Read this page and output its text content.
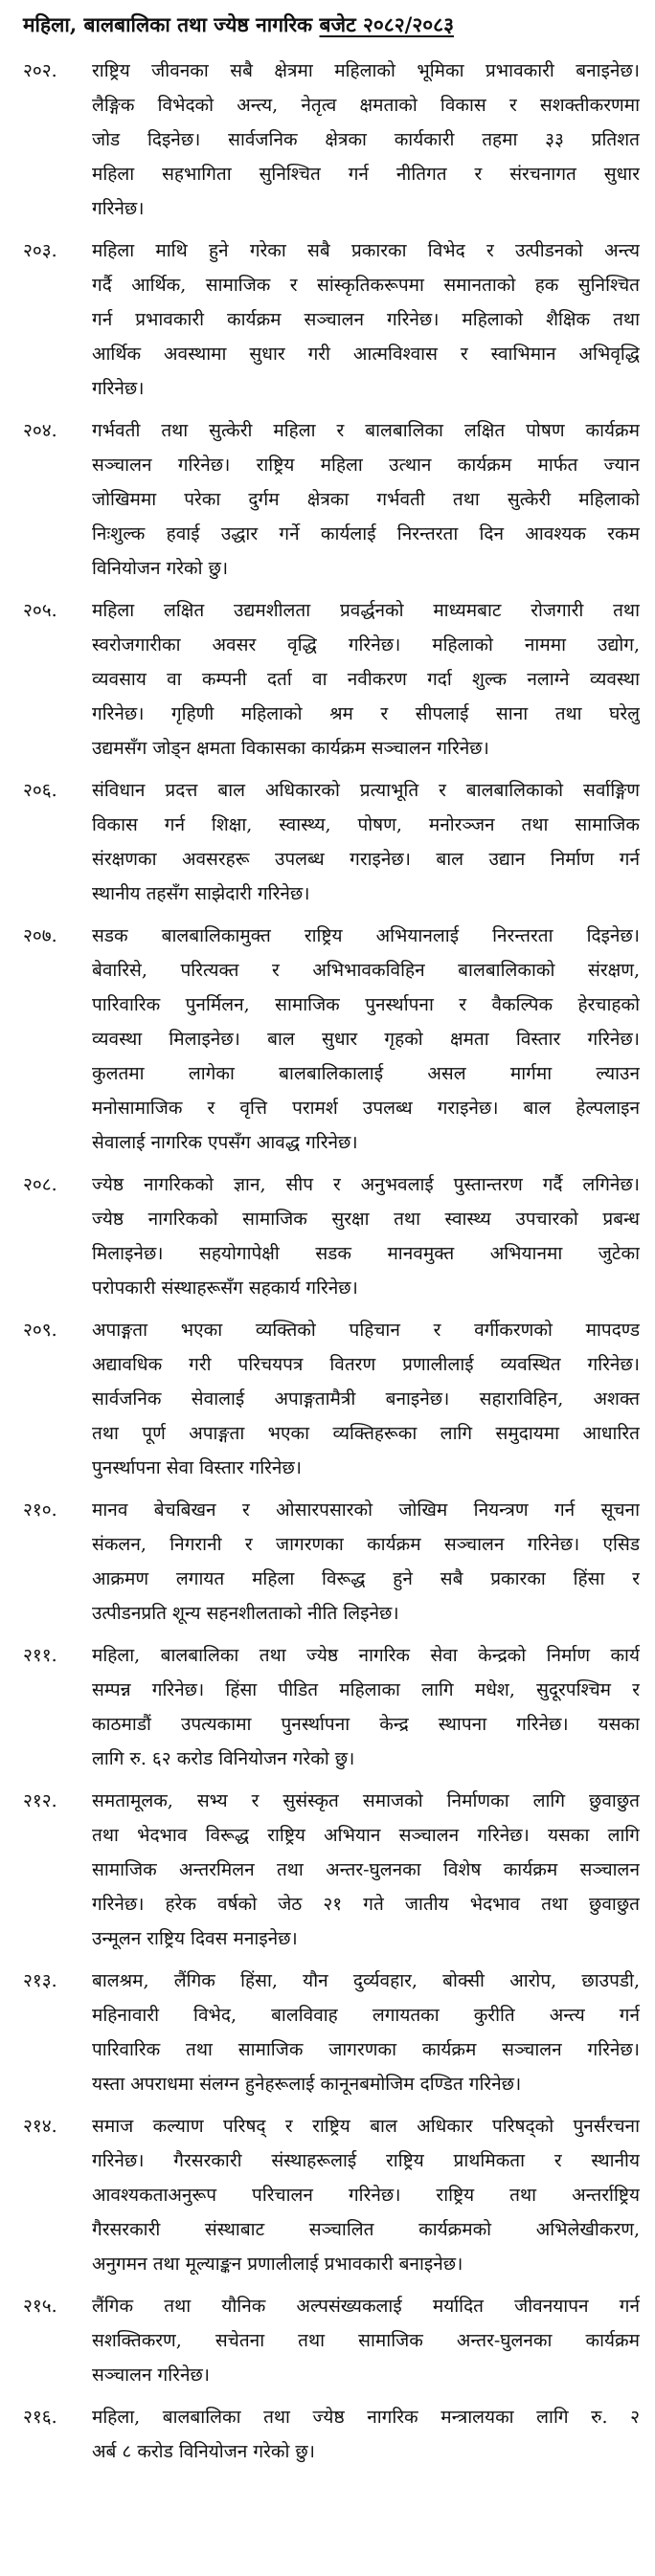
महिला, बालबालिका तथा ज्येष्ठ नागरिक बजेट २०८२/२०८३
२०२.	राष्ट्रिय जीवनका सबै क्षेत्रमा महिलाको भूमिका प्रभावकारी बनाइनेछ।
लैङ्गिक विभेदको अन्त्य, नेतृत्व क्षमताको विकास र सशक्तीकरणमा
जोड दिइनेछ। सार्वजनिक क्षेत्रका कार्यकारी तहमा ३३ प्रतिशत
महिला सहभागिता सुनिश्चित गर्न नीतिगत र संरचनागत सुधार
गरिनेछ।
२०३.	महिला माथि हुने गरेका सबै प्रकारका विभेद र उत्पीडनको अन्त्य
गर्दै आर्थिक, सामाजिक र सांस्कृतिकरूपमा समानताको हक सुनिश्चित
गर्न प्रभावकारी कार्यक्रम सञ्चालन गरिनेछ। महिलाको शैक्षिक तथा
आर्थिक अवस्थामा सुधार गरी आत्मविश्वास र स्वाभिमान अभिवृद्धि
गरिनेछ।
२०४.	गर्भवती तथा सुत्केरी महिला र बालबालिका लक्षित पोषण कार्यक्रम
सञ्चालन गरिनेछ। राष्ट्रिय महिला उत्थान कार्यक्रम मार्फत ज्यान
जोखिममा परेका दुर्गम क्षेत्रका गर्भवती तथा सुत्केरी महिलाको
निःशुल्क हवाई उद्धार गर्ने कार्यलाई निरन्तरता दिन आवश्यक रकम
विनियोजन गरेको छु।
२०५.	महिला लक्षित उद्यमशीलता प्रवर्द्धनको माध्यमबाट रोजगारी तथा
स्वरोजगारीका अवसर वृद्धि गरिनेछ। महिलाको नाममा उद्योग,
व्यवसाय वा कम्पनी दर्ता वा नवीकरण गर्दा शुल्क नलाग्ने व्यवस्था
गरिनेछ। गृहिणी महिलाको श्रम र सीपलाई साना तथा घरेलु
उद्यमसँग जोड्न क्षमता विकासका कार्यक्रम सञ्चालन गरिनेछ।
२०६.	संविधान प्रदत्त बाल अधिकारको प्रत्याभूति र बालबालिकाको सर्वाङ्गिण
विकास गर्न शिक्षा, स्वास्थ्य, पोषण, मनोरञ्जन तथा सामाजिक
संरक्षणका अवसरहरू उपलब्ध गराइनेछ। बाल उद्यान निर्माण गर्न
स्थानीय तहसँग साझेदारी गरिनेछ।
२०७.	सडक बालबालिकामुक्त राष्ट्रिय अभियानलाई निरन्तरता दिइनेछ।
बेवारिसे, परित्यक्त र अभिभावकविहिन बालबालिकाको संरक्षण,
पारिवारिक पुनर्मिलन, सामाजिक पुनर्स्थापना र वैकल्पिक हेरचाहको
व्यवस्था मिलाइनेछ। बाल सुधार गृहको क्षमता विस्तार गरिनेछ।
कुलतमा लागेका बालबालिकालाई असल मार्गमा ल्याउन
मनोसामाजिक र वृत्ति परामर्श उपलब्ध गराइनेछ। बाल हेल्पलाइन
सेवालाई नागरिक एपसँग आवद्ध गरिनेछ।
२०८.	ज्येष्ठ नागरिकको ज्ञान, सीप र अनुभवलाई पुस्तान्तरण गर्दै लगिनेछ।
ज्येष्ठ नागरिकको सामाजिक सुरक्षा तथा स्वास्थ्य उपचारको प्रबन्ध
मिलाइनेछ। सहयोगापेक्षी सडक मानवमुक्त अभियानमा जुटेका
परोपकारी संस्थाहरूसँग सहकार्य गरिनेछ।
२०९.	अपाङ्गता भएका व्यक्तिको पहिचान र वर्गीकरणको मापदण्ड
अद्यावधिक गरी परिचयपत्र वितरण प्रणालीलाई व्यवस्थित गरिनेछ।
सार्वजनिक सेवालाई अपाङ्गतामैत्री बनाइनेछ। सहाराविहिन, अशक्त
तथा पूर्ण अपाङ्गता भएका व्यक्तिहरूका लागि समुदायमा आधारित
पुनर्स्थापना सेवा विस्तार गरिनेछ।
२१०.	मानव बेचबिखन र ओसारपसारको जोखिम नियन्त्रण गर्न सूचना
संकलन, निगरानी र जागरणका कार्यक्रम सञ्चालन गरिनेछ। एसिड
आक्रमण लगायत महिला विरूद्ध हुने सबै प्रकारका हिंसा र
उत्पीडनप्रति शून्य सहनशीलताको नीति लिइनेछ।
२११.	महिला, बालबालिका तथा ज्येष्ठ नागरिक सेवा केन्द्रको निर्माण कार्य
सम्पन्न गरिनेछ। हिंसा पीडित महिलाका लागि मधेश, सुदूरपश्चिम र
काठमाडौं उपत्यकामा पुनर्स्थापना केन्द्र स्थापना गरिनेछ। यसका
लागि रु. ६२ करोड विनियोजन गरेको छु।
२१२.	समतामूलक, सभ्य र सुसंस्कृत समाजको निर्माणका लागि छुवाछुत
तथा भेदभाव विरूद्ध राष्ट्रिय अभियान सञ्चालन गरिनेछ। यसका लागि
सामाजिक अन्तरमिलन तथा अन्तर-घुलनका विशेष कार्यक्रम सञ्चालन
गरिनेछ। हरेक वर्षको जेठ २१ गते जातीय भेदभाव तथा छुवाछुत
उन्मूलन राष्ट्रिय दिवस मनाइनेछ।
२१३.	बालश्रम, लैंगिक हिंसा, यौन दुर्व्यवहार, बोक्सी आरोप, छाउपडी,
महिनावारी विभेद, बालविवाह लगायतका कुरीति अन्त्य गर्न
पारिवारिक तथा सामाजिक जागरणका कार्यक्रम सञ्चालन गरिनेछ।
यस्ता अपराधमा संलग्न हुनेहरूलाई कानूनबमोजिम दण्डित गरिनेछ।
२१४.	समाज कल्याण परिषद् र राष्ट्रिय बाल अधिकार परिषद्को पुनर्संरचना
गरिनेछ। गैरसरकारी संस्थाहरूलाई राष्ट्रिय प्राथमिकता र स्थानीय
आवश्यकताअनुरूप परिचालन गरिनेछ। राष्ट्रिय तथा अन्तर्राष्ट्रिय
गैरसरकारी संस्थाबाट सञ्चालित कार्यक्रमको अभिलेखीकरण,
अनुगमन तथा मूल्याङ्कन प्रणालीलाई प्रभावकारी बनाइनेछ।
२१५.	लैंगिक तथा यौनिक अल्पसंख्यकलाई मर्यादित जीवनयापन गर्न
सशक्तिकरण, सचेतना तथा सामाजिक अन्तर-घुलनका कार्यक्रम
सञ्चालन गरिनेछ।
२१६.	महिला, बालबालिका तथा ज्येष्ठ नागरिक मन्त्रालयका लागि रु. २
अर्ब ८ करोड विनियोजन गरेको छु।
